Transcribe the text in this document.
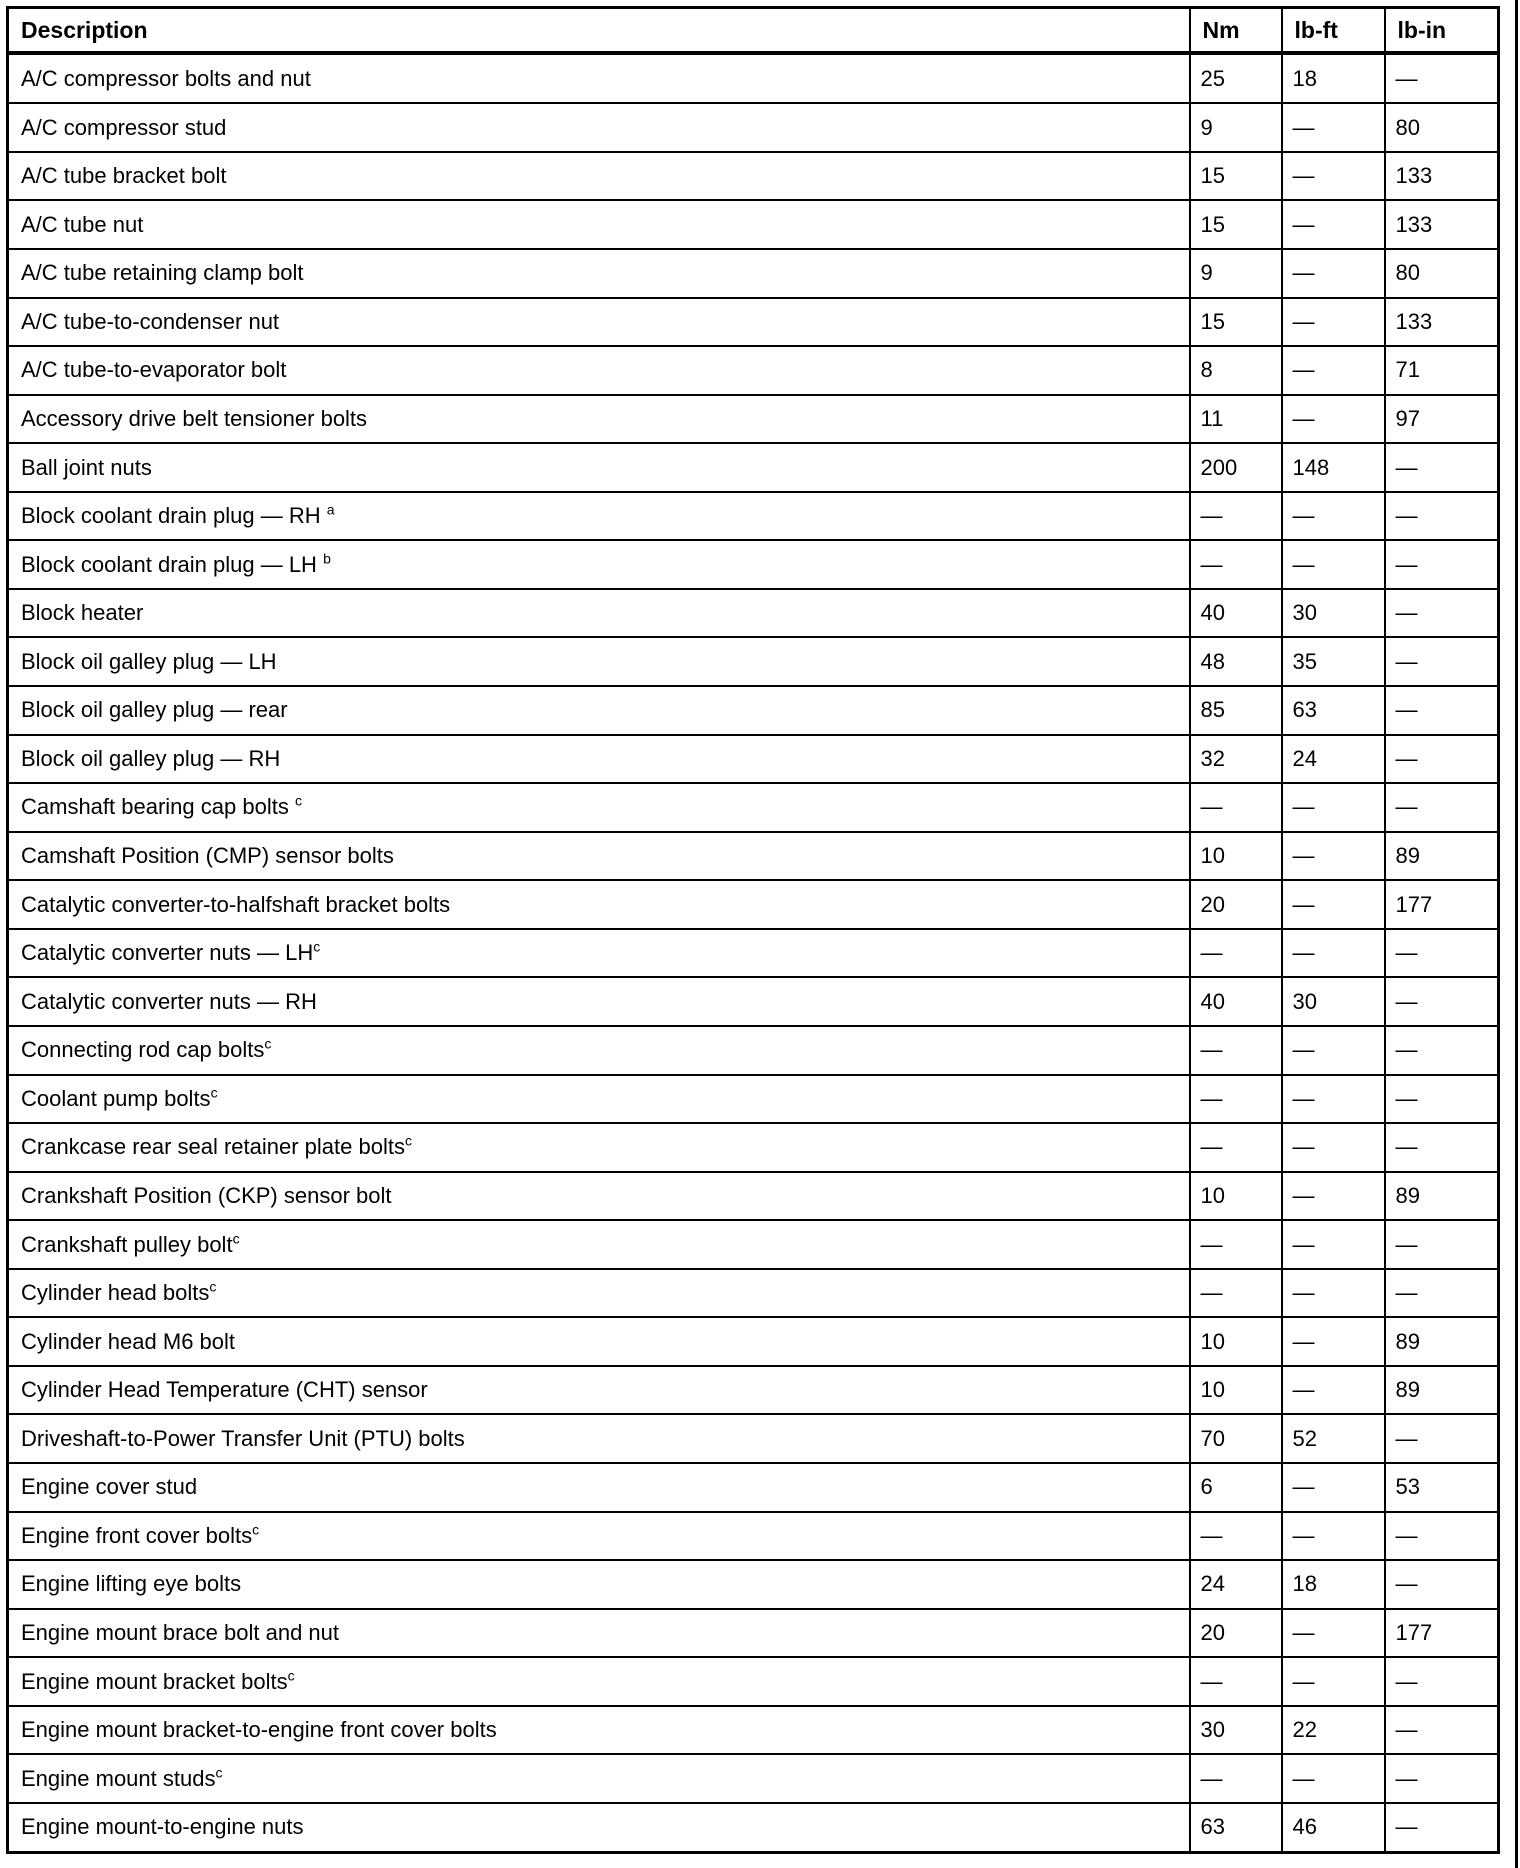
Description	Nm	lb-ft	lb-in
A/C compressor bolts and nut	25	18	—
A/C compressor stud	9	—	80
A/C tube bracket bolt	15	—	133
A/C tube nut	15	—	133
A/C tube retaining clamp bolt	9	—	80
A/C tube-to-condenser nut	15	—	133
A/C tube-to-evaporator bolt	8	—	71
Accessory drive belt tensioner bolts	11	—	97
Ball joint nuts	200	148	—
Block coolant drain plug — RH $^a$	—	—	—
Block coolant drain plug — LH $^b$	—	—	—
Block heater	40	30	—
Block oil galley plug — LH	48	35	—
Block oil galley plug — rear	85	63	—
Block oil galley plug — RH	32	24	—
Camshaft bearing cap bolts $^c$	—	—	—
Camshaft Position (CMP) sensor bolts	10	—	89
Catalytic converter-to-halfshaft bracket bolts	20	—	177
Catalytic converter nuts — LH$^c$	—	—	—
Catalytic converter nuts — RH	40	30	—
Connecting rod cap bolts$^c$	—	—	—
Coolant pump bolts$^c$	—	—	—
Crankcase rear seal retainer plate bolts$^c$	—	—	—
Crankshaft Position (CKP) sensor bolt	10	—	89
Crankshaft pulley bolt$^c$	—	—	—
Cylinder head bolts$^c$	—	—	—
Cylinder head M6 bolt	10	—	89
Cylinder Head Temperature (CHT) sensor	10	—	89
Driveshaft-to-Power Transfer Unit (PTU) bolts	70	52	—
Engine cover stud	6	—	53
Engine front cover bolts$^c$	—	—	—
Engine lifting eye bolts	24	18	—
Engine mount brace bolt and nut	20	—	177
Engine mount bracket bolts$^c$	—	—	—
Engine mount bracket-to-engine front cover bolts	30	22	—
Engine mount studs$^c$	—	—	—
Engine mount-to-engine nuts	63	46	—
